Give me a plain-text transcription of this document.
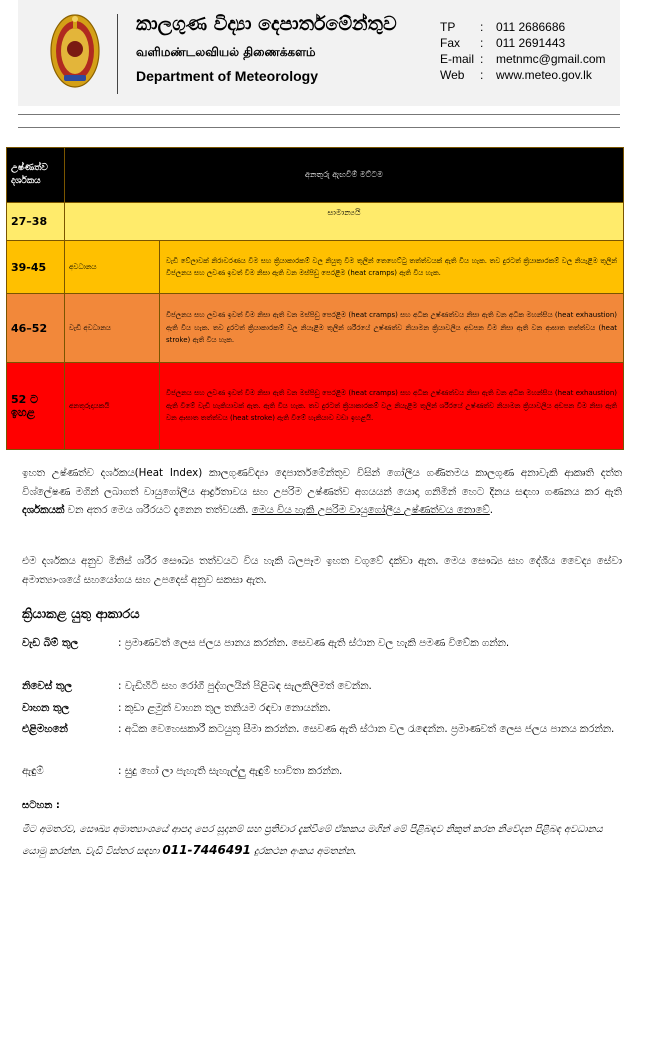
කාලගුණ විද්‍යා දෙපාර්තමේන්තුව
வளிமண்டலவியல் திணைக்களம்
Department of Meteorology
TP : 011 2686686
Fax : 011 2691443
E-mail : metnmc@gmail.com
Web : www.meteo.gov.lk
උෂ්ණත්ව දර්ශකය	අනතුරු ඇඟවීම් මට්ටම	
27–38	සාමාන්‍යයි	
39-45	අවධානය	වැඩි වේලාවක් නිරාවරණය වීම සහ ක්‍රියාකාරකම් වල නියුතු වීම තුලින් තෙහෙට්ටු තත්ත්වයක් ඇති විය හැක. තව දුරටත් ක්‍රියාකාරකම් වල නියැළීම තුලින් විජලනය සහ ලවණ ඉවත් වීම නිසා ඇති වන මස්පිඩු පෙරළීම (heat cramps) ඇති විය හැක.
46–52	වැඩි අවධානය	විජලනය සහ ලවණ ඉවත් වීම නිසා ඇති වන මස්පිඩු පෙරළීම (heat cramps) සහ අධික උෂ්ණත්වය නිසා ඇති වන අධික මහන්සිය (heat exhaustion) ඇති විය හැක. තව දුරටත් ක්‍රියාකාරකම් වල නියැළීම තුලින් ශරීරයේ උෂ්ණත්ව නියාමන ක්‍රියාවලිය අඩපන වීම නිසා ඇති වන ආඝාත තත්ත්වය (heat stroke) ඇති විය හැක.
52 ට ඉහළ	අනතුරුදායකයි	විජලනය සහ ලවණ ඉවත් වීම නිසා ඇති වන මස්පිඩු පෙරළීම (heat cramps) සහ අධික උෂ්ණත්වය නිසා ඇති වන අධික මහන්සිය (heat exhaustion) ඇති වීමේ වැඩි හැකියාවක් ඇත. ඇති විය හැක. තව දුරටත් ක්‍රියාකාරකම් වල නියැළීම තුලින් ශරීරයේ උෂ්ණත්ව නියාමන ක්‍රියාවලිය අඩපන වීම නිසා ඇති වන ආඝාත තත්ත්වය (heat stroke) ඇති වීමේ හැකියාව වඩා ඉහළයි.
ඉහත උෂ්ණත්ව දර්ශකය(Heat Index) කාලගුණවිද්‍යා දෙපාර්තමේන්තුව විසින් ගෝලීය ගණිතමය කාලගුණ අනාවැකි ආකෘති දත්ත විශ්ලේෂණ මගින් ලබාගත් වායුගෝලීය ආර්ද්‍රතාවය සහ උපරිම උෂ්ණත්ව අගයයන් යොදා ගනිමින් හෙට දිනය සඳහා ගණනය කර ඇති දර්ශකයක් වන අතර මෙය ශරීරයට දැනෙන තත්වයකි. මෙය විය හැකි උපරිම වායුගෝලීය උෂ්ණත්වය නොවේ.
එම දර්ශකය අනුව මිනිස් ශරීර සෞඛ්‍ය තත්වයට විය හැකි බලපෑම ඉහත වගුවේ දක්වා ඇත. මෙය සෞඛ්‍ය සහ දේශීය වෛද්‍ය සේවා අමාත්‍යාංශයේ සහයෝගය සහ උපදෙස් අනුව සකසා ඇත.
ක්‍රියාකළ යුතු ආකාරය
වැඩ බිම් තුල	: ප්‍රමාණවත් ලෙස ජලය පානය කරන්න. සෙවණ ඇති ස්ථාන වල හැකි පමණ විවේක ගන්න.
නිවෙස් තුල	: වැඩිහිටි සහ රෝගී පුද්ගලයින් පිළිබඳ සැලකිලිමත් වෙන්න.
වාහන තුල	: කුඩා ළමුන් වාහන තුල තනියම රඳවා නොයන්න.
එළිමහනේ	: අධික වෙහෙසකාරී කටයුතු සීමා කරන්න. සෙවණ ඇති ස්ථාන වල රැඳෙන්න. ප්‍රමාණවත් ලෙස ජලය පානය කරන්න.
ඇඳුම්	: සුදු හෝ ලා පැහැති සැහැල්ලු ඇඳුම් භාවිතා කරන්න.
සටහන :
මීට අමතරව, සෞඛ්‍ය අමාත්‍යාංශයේ ආපදා පෙර සූදානම් සහ ප්‍රතිචාර දැක්වීමේ ඒකකය මගින් මේ පිළිබඳව නිකුත් කරන නිවේදන පිළිබඳ අවධානය යොමු කරන්න. වැඩි විස්තර සඳහා 011-7446491 දුරකථන අංකය අමතන්න.
